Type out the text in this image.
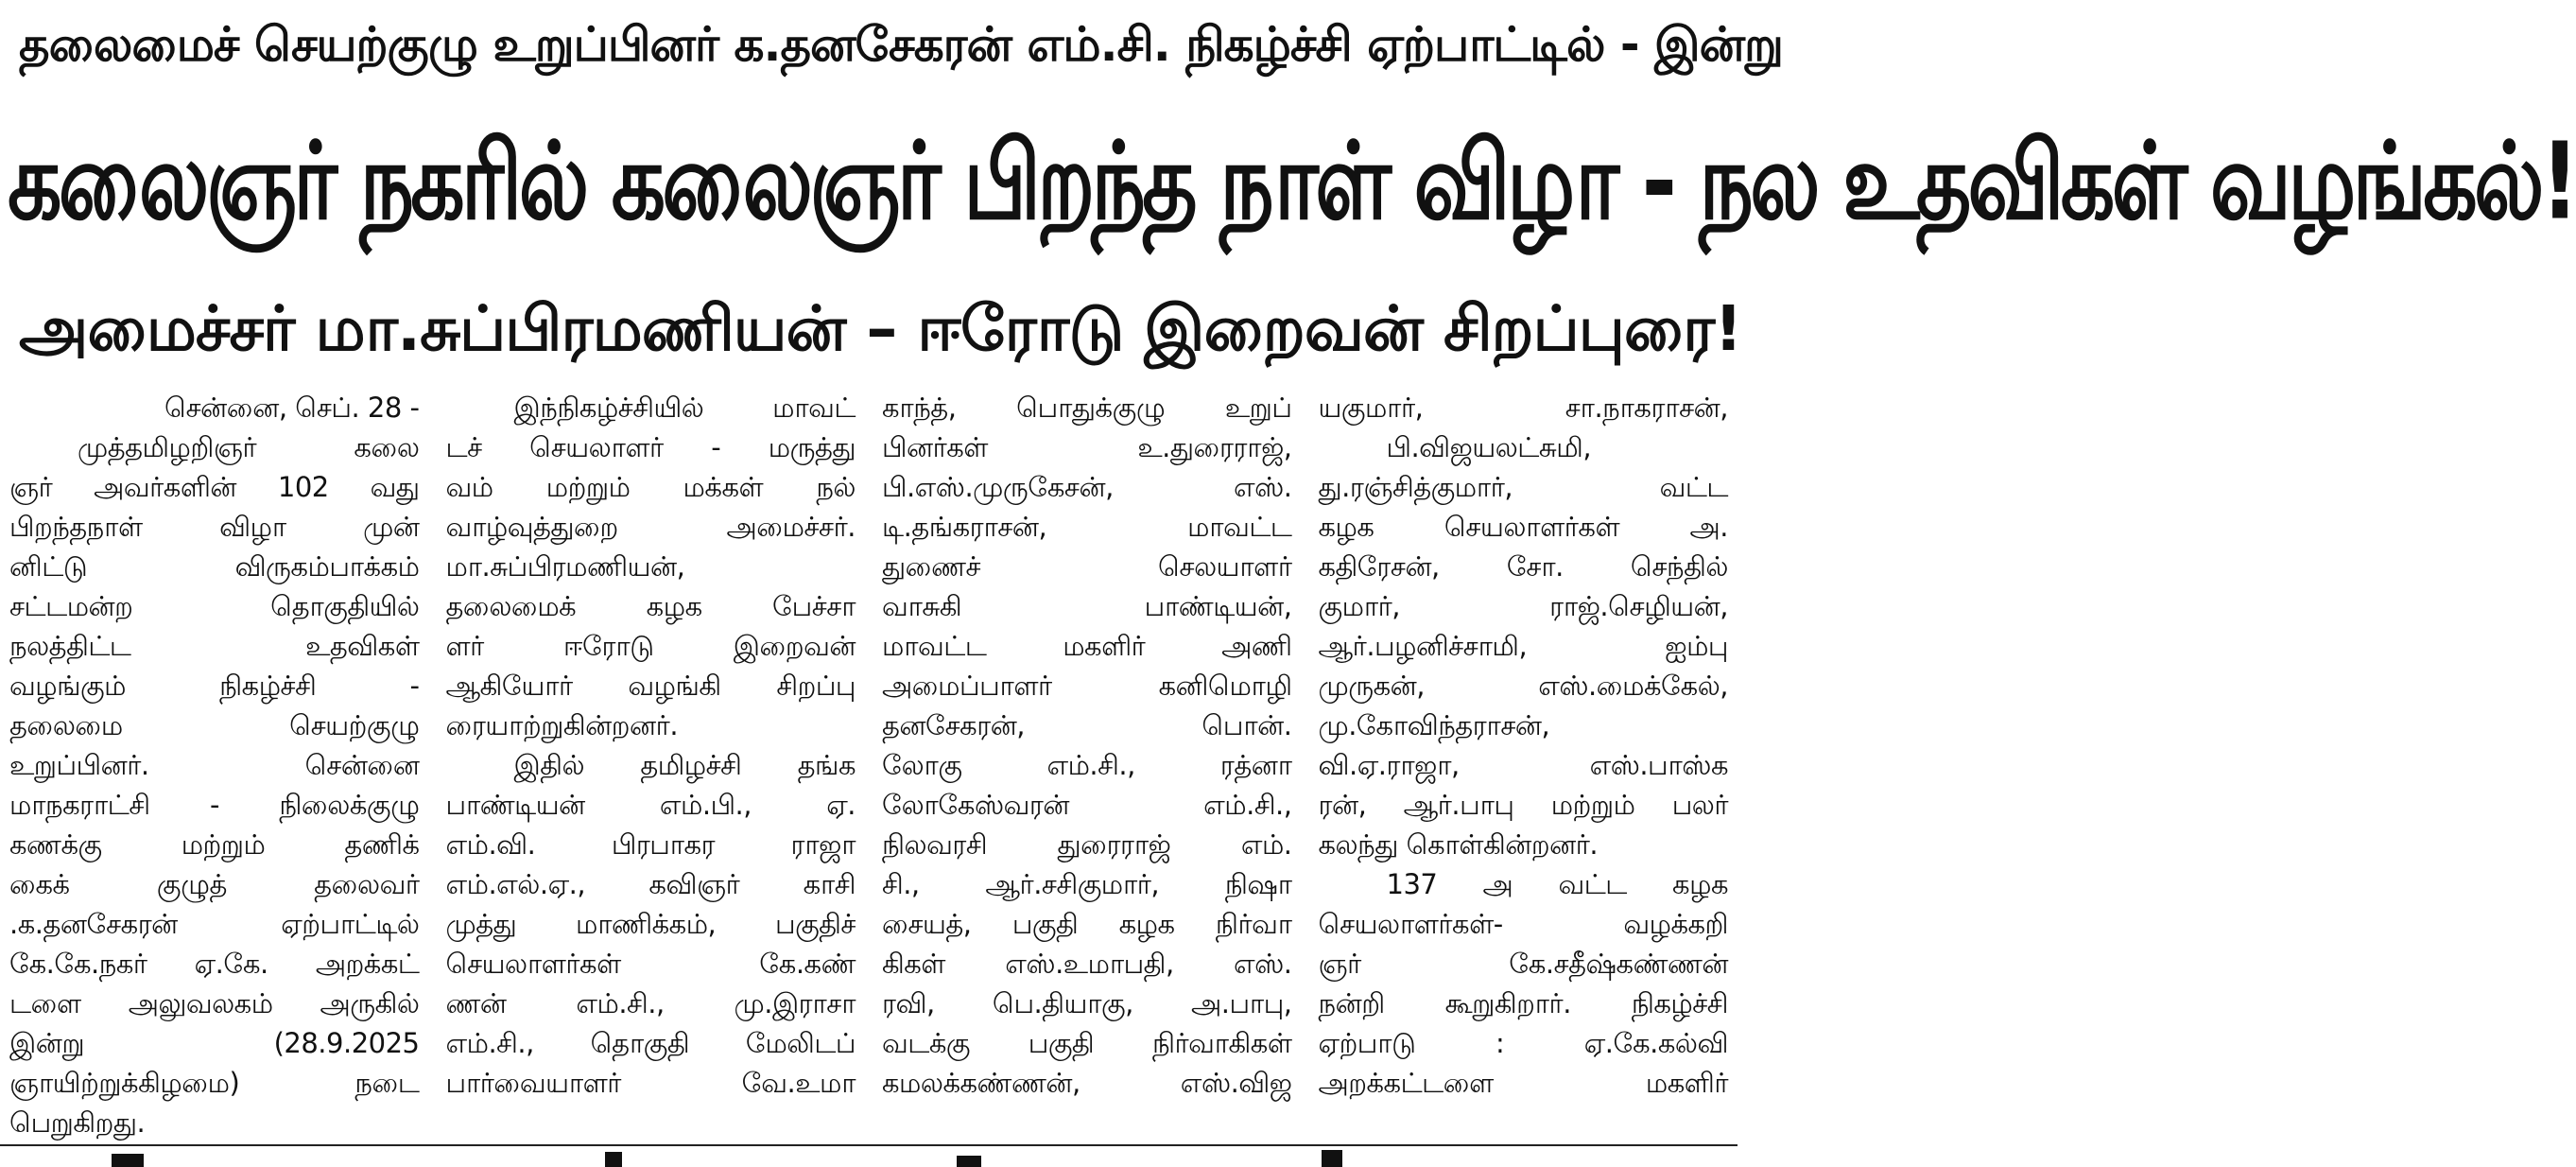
தலைமைச் செயற்குழு உறுப்பினர் க.தனசேகரன் எம்.சி. நிகழ்ச்சி ஏற்பாட்டில் - இன்று
கலைஞர் நகரில் கலைஞர் பிறந்த நாள் விழா - நல உதவிகள் வழங்கல்!
அமைச்சர் மா.சுப்பிரமணியன் – ஈரோடு இறைவன் சிறப்புரை!
சென்னை, செப். 28 -
முத்தமிழறிஞர் கலை
ஞர் அவர்களின் 102 வது
பிறந்தநாள் விழா முன்
னிட்டு விருகம்பாக்கம்
சட்டமன்ற தொகுதியில்
நலத்திட்ட உதவிகள்
வழங்கும் நிகழ்ச்சி -
தலைமை செயற்குழு
உறுப்பினர். சென்னை
மாநகராட்சி - நிலைக்குழு
கணக்கு மற்றும் தணிக்
கைக் குழுத் தலைவர்
.க.தனசேகரன் ஏற்பாட்டில்
கே.கே.நகர் ஏ.கே. அறக்கட்
டளை அலுவலகம் அருகில்
இன்று (28.9.2025
ஞாயிற்றுக்கிழமை) நடை
பெறுகிறது.
இந்நிகழ்ச்சியில் மாவட்
டச் செயலாளர் - மருத்து
வம் மற்றும் மக்கள் நல்
வாழ்வுத்துறை அமைச்சர்.
மா.சுப்பிரமணியன்,
தலைமைக் கழக பேச்சா
ளர் ஈரோடு இறைவன்
ஆகியோர் வழங்கி சிறப்பு
ரையாற்றுகின்றனர்.
இதில் தமிழச்சி தங்க
பாண்டியன் எம்.பி., ஏ.
எம்.வி. பிரபாகர ராஜா
எம்.எல்.ஏ., கவிஞர் காசி
முத்து மாணிக்கம், பகுதிச்
செயலாளர்கள் கே.கண்
ணன் எம்.சி., மு.இராசா
எம்.சி., தொகுதி மேலிடப்
பார்வையாளர் வே.உமா
காந்த், பொதுக்குழு உறுப்
பினர்கள் உ.துரைராஜ்,
பி.எஸ்.முருகேசன், எஸ்.
டி.தங்கராசன், மாவட்ட
துணைச் செலயாளர்
வாசுகி பாண்டியன்,
மாவட்ட மகளிர் அணி
அமைப்பாளர் கனிமொழி
தனசேகரன், பொன்.
லோகு எம்.சி., ரத்னா
லோகேஸ்வரன் எம்.சி.,
நிலவரசி துரைராஜ் எம்.
சி., ஆர்.சசிகுமார், நிஷா
சையத், பகுதி கழக நிர்வா
கிகள் எஸ்.உமாபதி, எஸ்.
ரவி, பெ.தியாகு, அ.பாபு,
வடக்கு பகுதி நிர்வாகிகள்
கமலக்கண்ணன், எஸ்.விஜ
யகுமார், சா.நாகராசன்,
பி.விஜயலட்சுமி,
து.ரஞ்சித்குமார், வட்ட
கழக செயலாளர்கள் அ.
கதிரேசன், சோ. செந்தில்
குமார், ராஜ்.செழியன்,
ஆர்.பழனிச்சாமி, ஐம்பு
முருகன், எஸ்.மைக்கேல்,
மு.கோவிந்தராசன்,
வி.ஏ.ராஜா, எஸ்.பாஸ்க
ரன், ஆர்.பாபு மற்றும் பலர்
கலந்து கொள்கின்றனர்.
137 அ வட்ட கழக
செயலாளர்கள்- வழக்கறி
ஞர் கே.சதீஷ்கண்ணன்
நன்றி கூறுகிறார். நிகழ்ச்சி
ஏற்பாடு : ஏ.கே.கல்வி
அறக்கட்டளை மகளிர்
